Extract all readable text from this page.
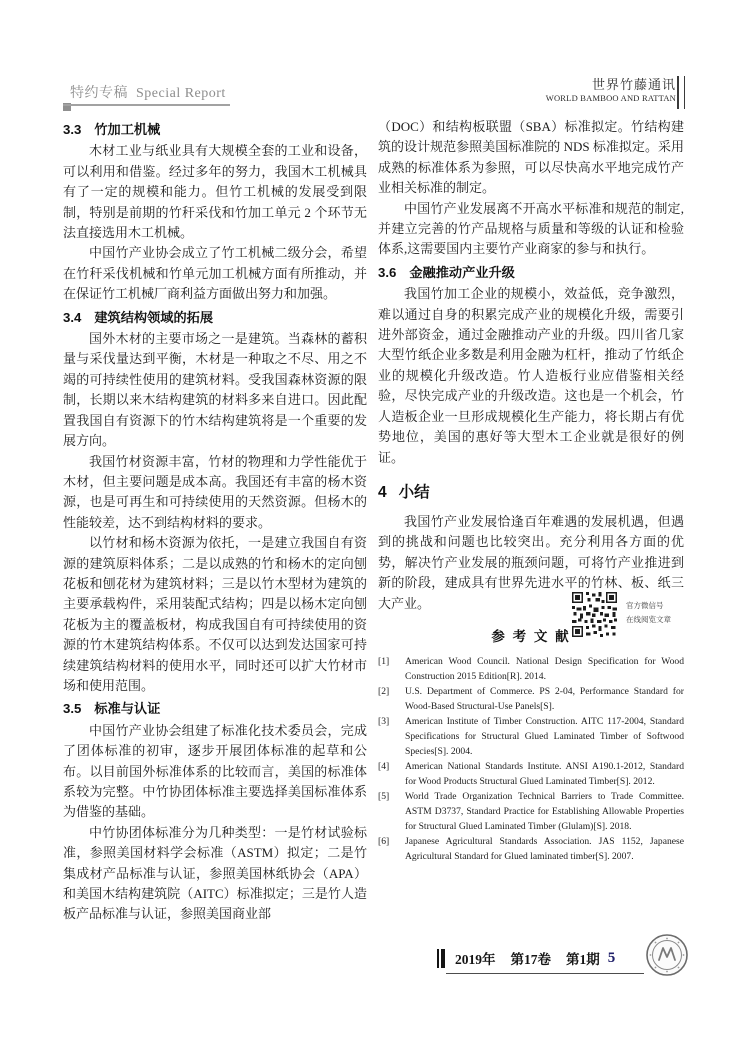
特约专稿 Special Report
世界竹藤通讯
WORLD BAMBOO AND RATTAN
3.3 竹加工机械

木材工业与纸业具有大规模全套的工业和设备，可以利用和借鉴。经过多年的努力，我国木工机械具有了一定的规模和能力。但竹工机械的发展受到限制，特别是前期的竹秆采伐和竹加工单元 2 个环节无法直接选用木工机械。

中国竹产业协会成立了竹工机械二级分会，希望在竹秆采伐机械和竹单元加工机械方面有所推动，并在保证竹工机械厂商利益方面做出努力和加强。

3.4 建筑结构领域的拓展

国外木材的主要市场之一是建筑。当森林的蓄积量与采伐量达到平衡，木材是一种取之不尽、用之不竭的可持续性使用的建筑材料。受我国森林资源的限制，长期以来木结构建筑的材料多来自进口。因此配置我国自有资源下的竹木结构建筑将是一个重要的发展方向。

我国竹材资源丰富，竹材的物理和力学性能优于木材，但主要问题是成本高。我国还有丰富的杨木资源，也是可再生和可持续使用的天然资源。但杨木的性能较差，达不到结构材料的要求。

以竹材和杨木资源为依托，一是建立我国自有资源的建筑原料体系；二是以成熟的竹和杨木的定向刨花板和刨花材为建筑材料；三是以竹木型材为建筑的主要承载构件，采用装配式结构；四是以杨木定向刨花板为主的覆盖板材，构成我国自有可持续使用的资源的竹木建筑结构体系。不仅可以达到发达国家可持续建筑结构材料的使用水平，同时还可以扩大竹材市场和使用范围。

3.5 标准与认证

中国竹产业协会组建了标准化技术委员会，完成了团体标准的初审，逐步开展团体标准的起草和公布。以目前国外标准体系的比较而言，美国的标准体系较为完整。中竹协团体标准主要选择美国标准体系为借鉴的基础。

中竹协团体标准分为几种类型：一是竹材试验标准，参照美国材料学会标准（ASTM）拟定；二是竹集成材产品标准与认证，参照美国林纸协会（APA）和美国木结构建筑院（AITC）标准拟定；三是竹人造板产品标准与认证，参照美国商业部

（DOC）和结构板联盟（SBA）标准拟定。竹结构建筑的设计规范参照美国标准院的 NDS 标准拟定。采用成熟的标准体系为参照，可以尽快高水平地完成竹产业相关标准的制定。

中国竹产业发展离不开高水平标准和规范的制定,并建立完善的竹产品规格与质量和等级的认证和检验体系,这需要国内主要竹产业商家的参与和执行。

3.6 金融推动产业升级

我国竹加工企业的规模小，效益低，竞争激烈，难以通过自身的积累完成产业的规模化升级，需要引进外部资金，通过金融推动产业的升级。四川省几家大型竹纸企业多数是利用金融为杠杆，推动了竹纸企业的规模化升级改造。竹人造板行业应借鉴相关经验，尽快完成产业的升级改造。这也是一个机会，竹人造板企业一旦形成规模化生产能力，将长期占有优势地位，美国的惠好等大型木工企业就是很好的例证。

4 小结

我国竹产业发展恰逢百年难遇的发展机遇，但遇到的挑战和问题也比较突出。充分利用各方面的优势，解决竹产业发展的瓶颈问题，可将竹产业推进到新的阶段，建成具有世界先进水平的竹林、板、纸三大产业。

参 考 文 献
[1]	American Wood Council. National Design Specification for Wood Construction 2015 Edition[R]. 2014.
[2]	U.S. Department of Commerce. PS 2-04, Performance Standard for Wood-Based Structural-Use Panels[S].
[3]	American Institute of Timber Construction. AITC 117-2004, Standard Specifications for Structural Glued Laminated Timber of Softwood Species[S]. 2004.
[4]	American National Standards Institute. ANSI A190.1-2012, Standard for Wood Products Structural Glued Laminated Timber[S]. 2012.
[5]	World Trade Organization Technical Barriers to Trade Committee. ASTM D3737, Standard Practice for Establishing Allowable Properties for Structural Glued Laminated Timber (Glulam)[S]. 2018.
[6]	Japanese Agricultural Standards Association. JAS 1152, Japanese Agricultural Standard for Glued laminated timber[S]. 2007.
官方微信号
在线阅览文章
2019年 第17卷 第1期 5
